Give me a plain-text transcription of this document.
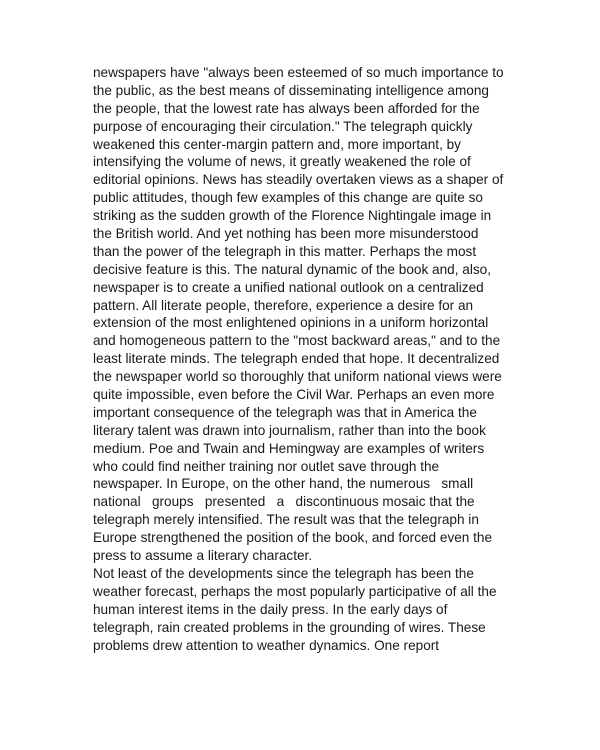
newspapers have "always been esteemed of so much importance to
the public, as the best means of disseminating intelligence among
the people, that the lowest rate has always been afforded for the
purpose of encouraging their circulation." The telegraph quickly
weakened this center-margin pattern and, more important, by
intensifying the volume of news, it greatly weakened the role of
editorial opinions. News has steadily overtaken views as a shaper of
public attitudes, though few examples of this change are quite so
striking as the sudden growth of the Florence Nightingale image in
the British world. And yet nothing has been more misunderstood
than the power of the telegraph in this matter. Perhaps the most
decisive feature is this. The natural dynamic of the book and, also,
newspaper is to create a unified national outlook on a centralized
pattern. All literate people, therefore, experience a desire for an
extension of the most enlightened opinions in a uniform horizontal
and homogeneous pattern to the "most backward areas," and to the
least literate minds. The telegraph ended that hope. It decentralized
the newspaper world so thoroughly that uniform national views were
quite impossible, even before the Civil War. Perhaps an even more
important consequence of the telegraph was that in America the
literary talent was drawn into journalism, rather than into the book
medium. Poe and Twain and Hemingway are examples of writers
who could find neither training nor outlet save through the
newspaper. In Europe, on the other hand, the numerous   small
national   groups   presented   a   discontinuous mosaic that the
telegraph merely intensified. The result was that the telegraph in
Europe strengthened the position of the book, and forced even the
press to assume a literary character.
Not least of the developments since the telegraph has been the
weather forecast, perhaps the most popularly participative of all the
human interest items in the daily press. In the early days of
telegraph, rain created problems in the grounding of wires. These
problems drew attention to weather dynamics. One report
